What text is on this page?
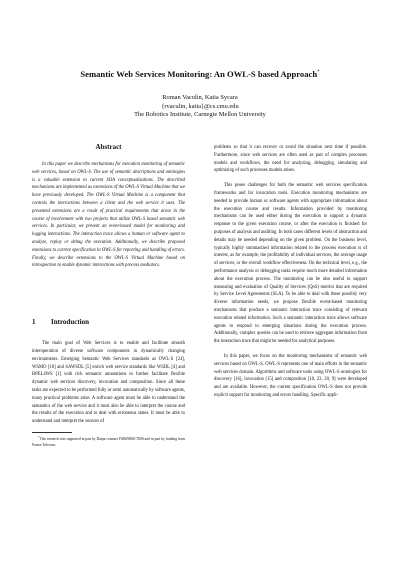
Semantic Web Services Monitoring: An OWL-S based Approach*
Roman Vaculín, Katia Sycara
{rvaculin, katia}@cs.cmu.edu
The Robotics Institute, Carnegie Mellon University
Abstract

In this paper we describe mechanisms for execution monitoring of semantic web services, based on OWL-S. The use of semantic descriptions and ontologies is a valuable extension to current SOA conceptualizations. The described mechanisms are implemented as extensions of the OWL-S Virtual Machine that we have previously developed. The OWL-S Virtual Machine is a component that controls the interactions between a client and the web service it uses. The presented extensions are a result of practical requirements that arose in the course of involvement with two projects that utilize OWL-S based semantic web services. In particular, we present an event-based model for monitoring and logging interactions. The interaction trace allows a human or software agent to analyze, replay or debug the execution. Additionally, we describe proposed extensions to current specification in OWL-S for reporting and handling of errors. Finally, we describe extensions to the OWL-S Virtual Machine based on introspection to enable dynamic interactions with process mediators.

1 Introduction

The main goal of Web Services is to enable and facilitate smooth interoperation of diverse software components in dynamically changing environments. Emerging Semantic Web Services standards as OWL-S [24], WSMO [18] and SAWSDL [5] enrich web service standards like WSDL [4] and BPEL4WS [1] with rich semantic annotations to further facilitate flexible dynamic web services discovery, invocation and composition. Since all these tasks are expected to be performed fully or semi automatically by software agents, many practical problems arise. A software agent must be able to understand the semantics of the web service and it must also be able to interpret the course and the results of the execution and to deal with erroneous states. It must be able to understand and interpret the sources of

*This research was supported in part by Darpa contract FA865006C7606 and in part by funding from France Telecom.

problems so that it can recover or avoid the situation next time if possible. Furthermore, since web services are often used as part of complex processes models and workflows, the need for analyzing, debugging, simulating and optimizing of such processes models arises.

This poses challenges for both the semantic web services specification frameworks and for invocation tools. Execution monitoring mechanisms are needed to provide human or software agents with appropriate information about the execution course and results. Information provided by monitoring mechanisms can be used either during the execution to support a dynamic response to the given execution course, or after the execution is finished for purposes of analysis and auditing. In both cases different levels of abstraction and details may be needed depending on the given problem. On the business level, typically highly summarized information related to the process execution is of interest, as for example, the profitability of individual services, the average usage of services, or the overall workflow effectiveness. On the technical level, e.g., the performance analysis or debugging tasks require much more detailed information about the execution process. The monitoring can be also useful to support measuring and evaluation of Quality of Services (QoS) metrics that are required by Service Level Agreements (SLA). To be able to deal with these possibly very diverse information needs, we propose flexible event-based monitoring mechanisms that produce a semantic interaction trace consisting of relevant execution related information. Such a semantic interaction trace allows software agents to respond to emerging situations during the execution process. Additionally, complex queries can be used to retrieve aggregate information from the interaction trace that might be needed for analytical purposes.

In this paper, we focus on the monitoring mechanisms of semantic web services based on OWL-S. OWL-S represents one of main efforts in the semantic web services domain. Algorithms and software tools using OWL-S ontologies for discovery [16], invocation [15] and composition [10, 23, 20, 9] were developed and are available. However, the current specification OWL-S does not provide explicit support for monitoring and errors handling. Specific appli-
